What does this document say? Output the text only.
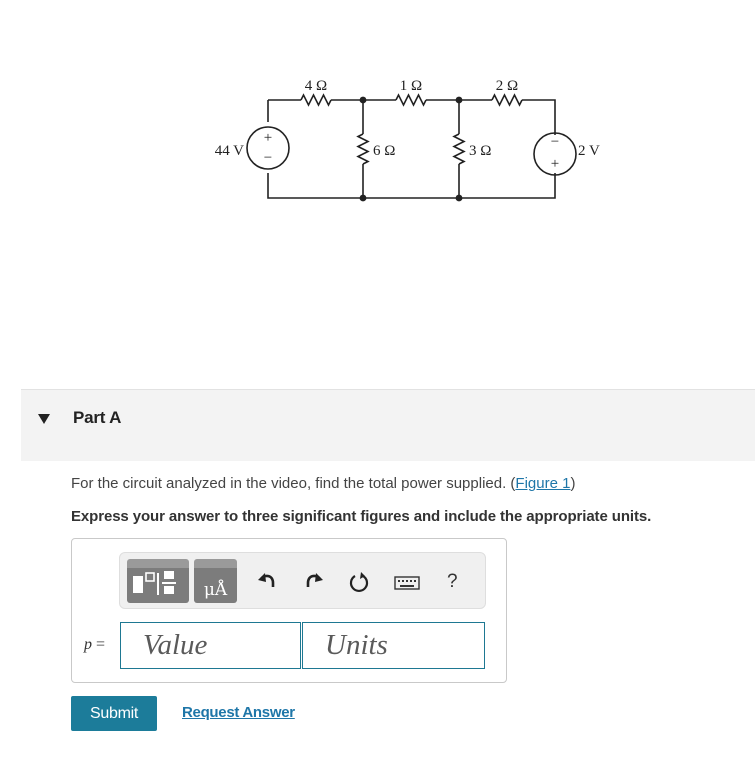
+
−
−
+
44 V	2 V
4 Ω	1 Ω	2 Ω
6 Ω	3 Ω
Part A
For the circuit analyzed in the video, find the total power supplied. (Figure 1)
Express your answer to three significant figures and include the appropriate units.
μÅ	?
p =
Value
Units
Submit	Request Answer
